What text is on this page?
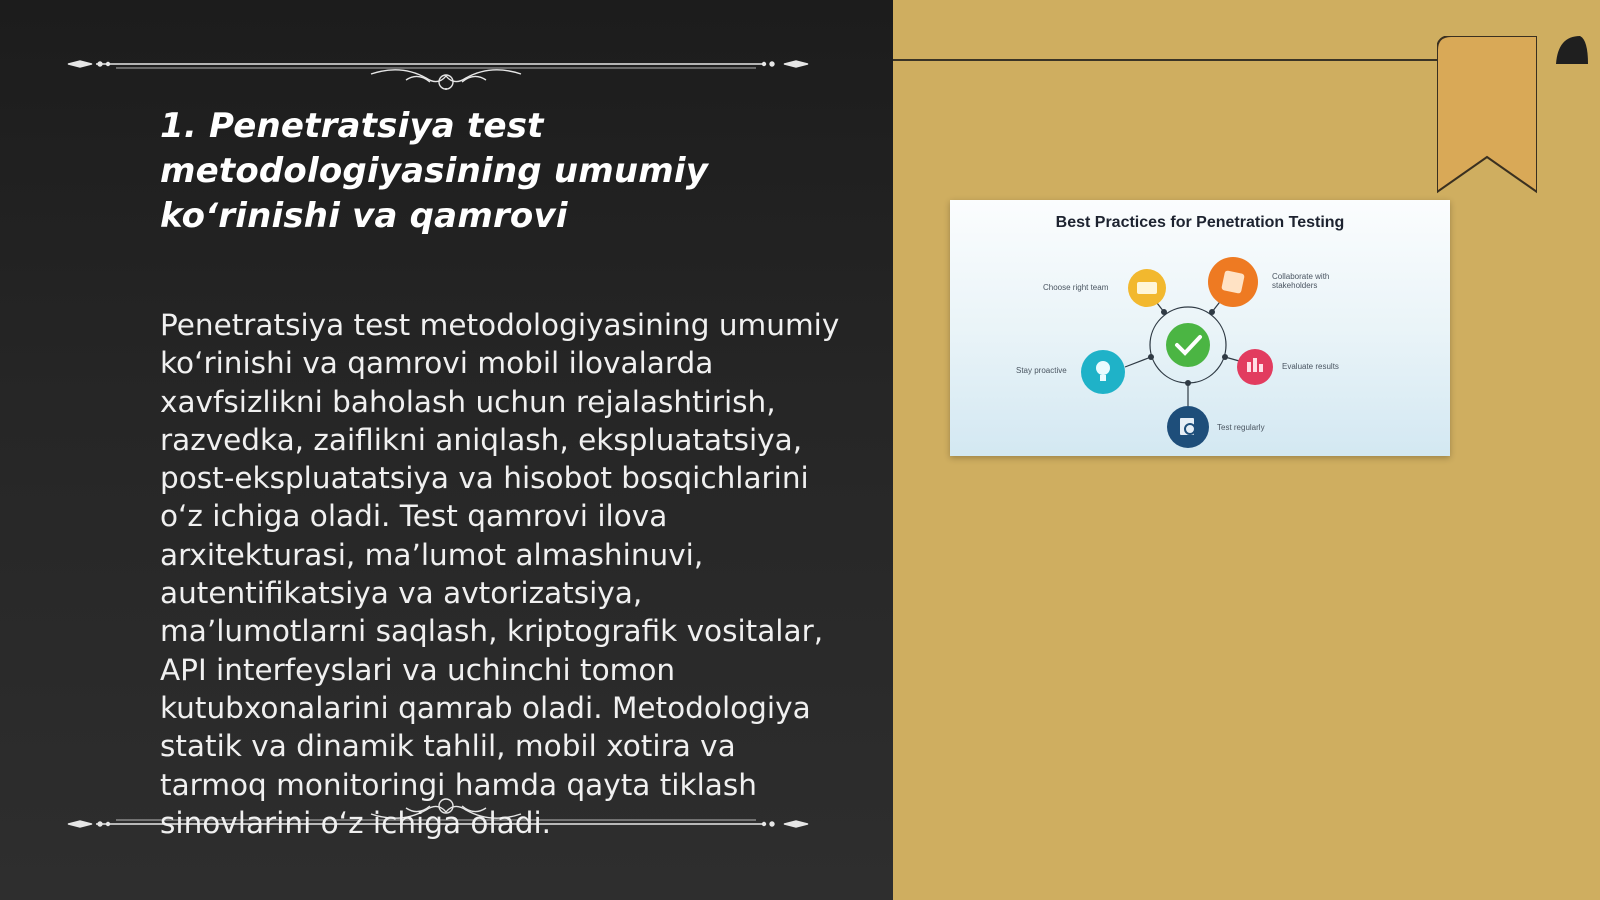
1. Penetratsiya test metodologiyasining umumiy ko‘rinishi va qamrovi

Penetratsiya test metodologiyasining umumiy ko‘rinishi va qamrovi mobil ilovalarda xavfsizlikni baholash uchun rejalashtirish, razvedka, zaiflikni aniqlash, ekspluatatsiya, post-ekspluatatsiya va hisobot bosqichlarini o‘z ichiga oladi. Test qamrovi ilova arxitekturasi, ma’lumot almashinuvi, autentifikatsiya va avtorizatsiya, ma’lumotlarni saqlash, kriptografik vositalar, API interfeyslari va uchinchi tomon kutubxonalarini qamrab oladi. Metodologiya statik va dinamik tahlil, mobil xotira va tarmoq monitoringi hamda qayta tiklash sinovlarini o‘z ichiga oladi.

Best Practices for Penetration Testing
Choose right team
Collaborate with stakeholders
Stay proactive	Evaluate results
Test regularly
